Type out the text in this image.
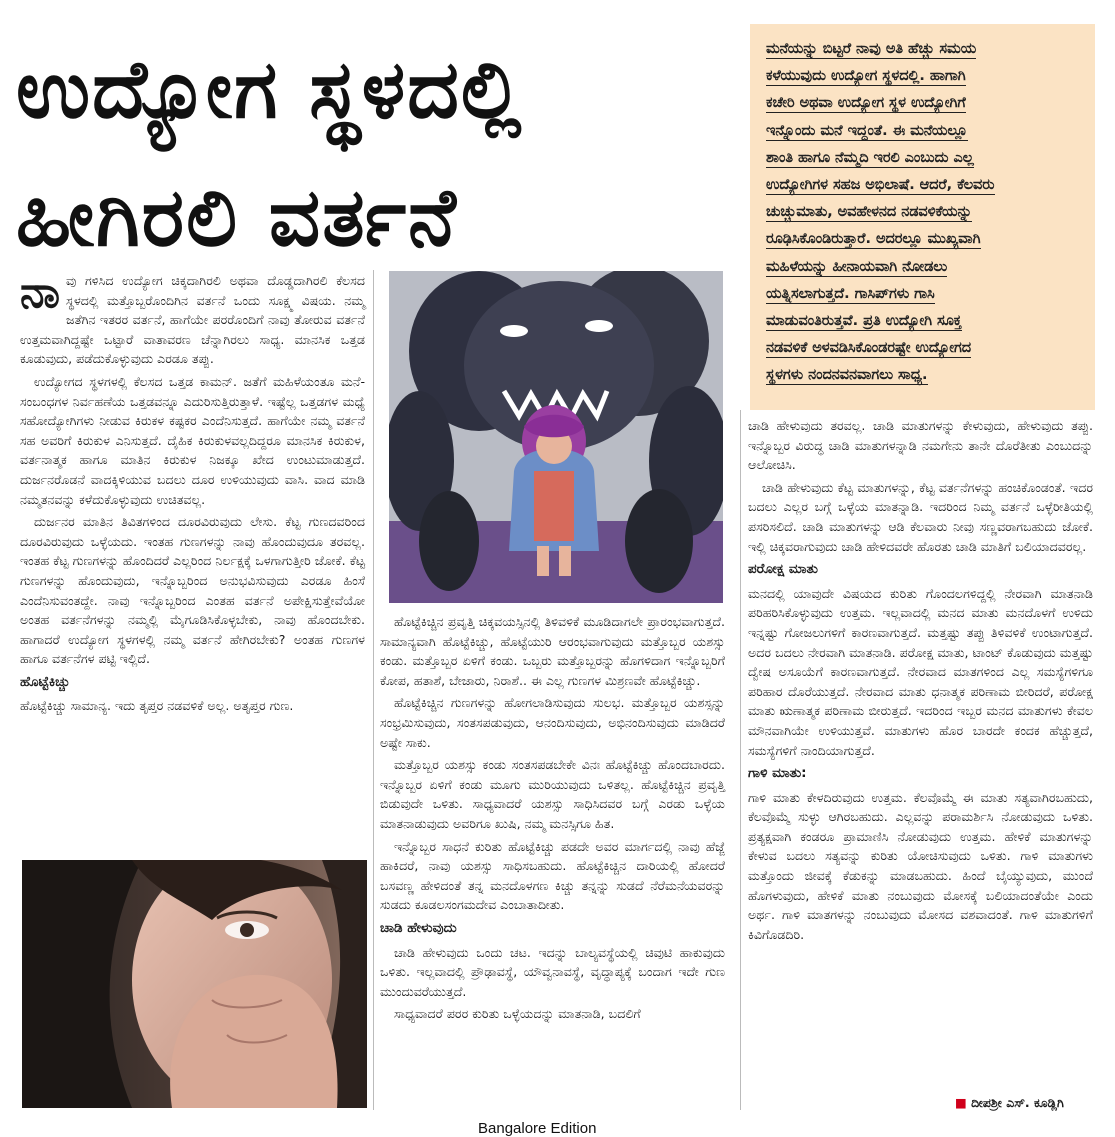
ಉದ್ಯೋಗ ಸ್ಥಳದಲ್ಲಿ
ಹೀಗಿರಲಿ ವರ್ತನೆ
ಮನೆಯನ್ನು ಬಿಟ್ಟರೆ ನಾವು ಅತಿ ಹೆಚ್ಚು ಸಮಯ
ಕಳೆಯುವುದು ಉದ್ಯೋಗ ಸ್ಥಳದಲ್ಲಿ. ಹಾಗಾಗಿ
ಕಚೇರಿ ಅಥವಾ ಉದ್ಯೋಗ ಸ್ಥಳ ಉದ್ಯೋಗಿಗೆ
ಇನ್ನೊಂದು ಮನೆ ಇದ್ದಂತೆ. ಈ ಮನೆಯಲ್ಲೂ
ಶಾಂತಿ ಹಾಗೂ ನೆಮ್ಮದಿ ಇರಲಿ ಎಂಬುದು ಎಲ್ಲ
ಉದ್ಯೋಗಿಗಳ ಸಹಜ ಅಭಿಲಾಷೆ. ಆದರೆ, ಕೆಲವರು
ಚುಚ್ಚುಮಾತು, ಅವಹೇಳನದ ನಡವಳಿಕೆಯನ್ನು
ರೂಢಿಸಿಕೊಂಡಿರುತ್ತಾರೆ. ಅದರಲ್ಲೂ ಮುಖ್ಯವಾಗಿ
ಮಹಿಳೆಯನ್ನು ಹೀನಾಯವಾಗಿ ನೋಡಲು
ಯತ್ನಿಸಲಾಗುತ್ತದೆ. ಗಾಸಿಪ್‌ಗಳು ಗಾಸಿ
ಮಾಡುವಂತಿರುತ್ತವೆ. ಪ್ರತಿ ಉದ್ಯೋಗಿ ಸೂಕ್ತ
ನಡವಳಿಕೆ ಅಳವಡಿಸಿಕೊಂಡರಷ್ಟೇ ಉದ್ಯೋಗದ
ಸ್ಥಳಗಳು ನಂದನವನವಾಗಲು ಸಾಧ್ಯ.

ನಾವು ಗಳಿಸಿದ ಉದ್ಯೋಗ ಚಿಕ್ಕದಾಗಿರಲಿ ಅಥವಾ ದೊಡ್ಡದಾಗಿರಲಿ ಕೆಲಸದ ಸ್ಥಳದಲ್ಲಿ ಮತ್ತೊಬ್ಬರೊಂದಿಗಿನ ವರ್ತನೆ ಒಂದು ಸೂಕ್ಷ್ಮ ವಿಷಯ. ನಮ್ಮ ಜತೆಗಿನ ಇತರರ ವರ್ತನೆ, ಹಾಗೆಯೇ ಪರರೊಂದಿಗೆ ನಾವು ತೋರುವ ವರ್ತನೆ ಉತ್ತಮವಾಗಿದ್ದಷ್ಟೇ ಒಟ್ಟಾರೆ ವಾತಾವರಣ ಚೆನ್ನಾಗಿರಲು ಸಾಧ್ಯ. ಮಾನಸಿಕ ಒತ್ತಡ ಕೂಡುವುದು, ಪಡೆದುಕೊಳ್ಳುವುದು ಎರಡೂ ತಪ್ಪು.

ಉದ್ಯೋಗದ ಸ್ಥಳಗಳಲ್ಲಿ ಕೆಲಸದ ಒತ್ತಡ ಕಾಮನ್. ಜತೆಗೆ ಮಹಿಳೆಯಂತೂ ಮನೆ- ಸಂಬಂಧಗಳ ನಿರ್ವಹಣೆಯ ಒತ್ತಡವನ್ನೂ ಎದುರಿಸುತ್ತಿರುತ್ತಾಳೆ. ಇಷ್ಟೆಲ್ಲ ಒತ್ತಡಗಳ ಮಧ್ಯೆ ಸಹೋದ್ಯೋಗಿಗಳು ನೀಡುವ ಕಿರುಕಳ ಕಷ್ಟಕರ ಎಂದೆನಿಸುತ್ತದೆ. ಹಾಗೆಯೇ ನಮ್ಮ ವರ್ತನೆ ಸಹ ಅವರಿಗೆ ಕಿರುಕುಳ ಎನಿಸುತ್ತದೆ. ದೈಹಿಕ ಕಿರುಕುಳವಲ್ಲದಿದ್ದರೂ ಮಾನಸಿಕ ಕಿರುಕುಳ, ವರ್ತನಾತ್ಮಕ ಹಾಗೂ ಮಾತಿನ ಕಿರುಕುಳ ನಿಜಕ್ಕೂ ಖೇದ ಉಂಟುಮಾಡುತ್ತದೆ. ದುರ್ಜನರೊಡನೆ ವಾದಕ್ಕಿಳಿಯುವ ಬದಲು ದೂರ ಉಳಿಯುವುದು ವಾಸಿ. ವಾದ ಮಾಡಿ ನಮ್ಮತನವನ್ನು ಕಳೆದುಕೊಳ್ಳುವುದು ಉಚಿತವಲ್ಲ.

ದುರ್ಜನರ ಮಾತಿನ ತಿವಿತಗಳಿಂದ ದೂರವಿರುವುದು ಲೇಸು. ಕೆಟ್ಟ ಗುಣದವರಿಂದ ದೂರವಿರುವುದು ಒಳ್ಳೆಯದು. ಇಂತಹ ಗುಣಗಳನ್ನು ನಾವು ಹೊಂದುವುದೂ ತರವಲ್ಲ. ಇಂತಹ ಕೆಟ್ಟ ಗುಣಗಳನ್ನು ಹೊಂದಿದರೆ ಎಲ್ಲರಿಂದ ನಿರ್ಲಕ್ಷಕ್ಕೆ ಒಳಗಾಗುತ್ತೀರಿ ಜೋಕೆ. ಕೆಟ್ಟ ಗುಣಗಳನ್ನು ಹೊಂದುವುದು, ಇನ್ನೊಬ್ಬರಿಂದ ಅನುಭವಿಸುವುದು ಎರಡೂ ಹಿಂಸೆ ಎಂದೆನಿಸುವಂತದ್ದೇ. ನಾವು ಇನ್ನೊಬ್ಬರಿಂದ ಎಂತಹ ವರ್ತನೆ ಅಪೇಕ್ಷಿಸುತ್ತೇವೆಯೋ ಅಂತಹ ವರ್ತನೆಗಳನ್ನು ನಮ್ಮಲ್ಲಿ ಮೈಗೂಡಿಸಿಕೊಳ್ಳಬೇಕು, ನಾವು ಹೊಂದಬೇಕು. ಹಾಗಾದರೆ ಉದ್ಯೋಗ ಸ್ಥಳಗಳಲ್ಲಿ ನಮ್ಮ ವರ್ತನೆ ಹೇಗಿರಬೇಕು? ಅಂತಹ ಗುಣಗಳ ಹಾಗೂ ವರ್ತನೆಗಳ ಪಟ್ಟಿ ಇಲ್ಲಿದೆ.

ಹೊಟ್ಟೆಕಿಚ್ಚು

ಹೊಟ್ಟೆಕಿಚ್ಚು ಸಾಮಾನ್ಯ. ಇದು ತೃಪ್ತರ ನಡವಳಿಕೆ ಅಲ್ಲ. ಅತೃಪ್ತರ ಗುಣ.

ಹೊಟ್ಟೆಕಿಚ್ಚಿನ ಪ್ರವೃತ್ತಿ ಚಿಕ್ಕವಯಸ್ಸಿನಲ್ಲಿ ತಿಳಿವಳಿಕೆ ಮೂಡಿದಾಗಲೇ ಪ್ರಾರಂಭವಾಗುತ್ತದೆ. ಸಾಮಾನ್ಯವಾಗಿ ಹೊಟ್ಟೆಕಿಚ್ಚು, ಹೊಟ್ಟೆಯುರಿ ಆರಂಭವಾಗುವುದು ಮತ್ತೊಬ್ಬರ ಯಶಸ್ಸು ಕಂಡು. ಮತ್ತೊಬ್ಬರ ಏಳಿಗೆ ಕಂಡು. ಒಬ್ಬರು ಮತ್ತೊಬ್ಬರನ್ನು ಹೊಗಳಿದಾಗ ಇನ್ನೊಬ್ಬರಿಗೆ ಕೋಪ, ಹತಾಶೆ, ಬೇಜಾರು, ನಿರಾಶೆ.. ಈ ಎಲ್ಲ ಗುಣಗಳ ಮಿಶ್ರಣವೇ ಹೊಟ್ಟೆಕಿಚ್ಚು.

ಹೊಟ್ಟೆಕಿಚ್ಚಿನ ಗುಣಗಳನ್ನು ಹೋಗಲಾಡಿಸುವುದು ಸುಲಭ. ಮತ್ತೊಬ್ಬರ ಯಶಸ್ಸನ್ನು ಸಂಭ್ರಮಿಸುವುದು, ಸಂತಸಪಡುವುದು, ಆನಂದಿಸುವುದು, ಅಭಿನಂದಿಸುವುದು ಮಾಡಿದರೆ ಅಷ್ಟೇ ಸಾಕು.

ಮತ್ತೊಬ್ಬರ ಯಶಸ್ಸು ಕಂಡು ಸಂತಸಪಡಬೇಕೇ ವಿನಃ ಹೊಟ್ಟೆಕಿಚ್ಚು ಹೊಂದಬಾರದು. ಇನ್ನೊಬ್ಬರ ಏಳಿಗೆ ಕಂಡು ಮೂಗು ಮುರಿಯುವುದು ಒಳಿತಲ್ಲ. ಹೊಟ್ಟೆಕಿಚ್ಚಿನ ಪ್ರವೃತ್ತಿ ಬಿಡುವುದೇ ಒಳಿತು. ಸಾಧ್ಯವಾದರೆ ಯಶಸ್ಸು ಸಾಧಿಸಿದವರ ಬಗ್ಗೆ ಎರಡು ಒಳ್ಳೆಯ ಮಾತನಾಡುವುದು ಅವರಿಗೂ ಖುಷಿ, ನಮ್ಮ ಮನಸ್ಸಿಗೂ ಹಿತ.

ಇನ್ನೊಬ್ಬರ ಸಾಧನೆ ಕುರಿತು ಹೊಟ್ಟೆಕಿಚ್ಚು ಪಡದೇ ಅವರ ಮಾರ್ಗದಲ್ಲಿ ನಾವು ಹೆಜ್ಜೆ ಹಾಕಿದರೆ, ನಾವು ಯಶಸ್ಸು ಸಾಧಿಸಬಹುದು. ಹೊಟ್ಟೆಕಿಚ್ಚಿನ ದಾರಿಯಲ್ಲಿ ಹೋದರೆ ಬಸವಣ್ಣ ಹೇಳಿದಂತೆ ತನ್ನ ಮನದೊಳಗಣ ಕಿಚ್ಚು ತನ್ನನ್ನು ಸುಡದೆ ನೆರೆಮನೆಯವರನ್ನು ಸುಡದು ಕೂಡಲಸಂಗಮದೇವ ಎಂಬಾತಾದೀತು.

ಚಾಡಿ ಹೇಳುವುದು

ಚಾಡಿ ಹೇಳುವುದು ಒಂದು ಚಟ. ಇದನ್ನು ಬಾಲ್ಯವಸ್ಥೆಯಲ್ಲಿ ಚಿವುಟಿ ಹಾಕುವುದು ಒಳಿತು. ಇಲ್ಲವಾದಲ್ಲಿ ಪ್ರೌಢಾವಸ್ಥೆ, ಯೌವ್ವನಾವಸ್ಥೆ, ವೃದ್ಧಾಪ್ಯಕ್ಕೆ ಬಂದಾಗ ಇದೇ ಗುಣ ಮುಂದುವರೆಯುತ್ತದೆ.

ಸಾಧ್ಯವಾದರೆ ಪರರ ಕುರಿತು ಒಳ್ಳೆಯದನ್ನು ಮಾತನಾಡಿ, ಬದಲಿಗೆ

ಚಾಡಿ ಹೇಳುವುದು ತರವಲ್ಲ. ಚಾಡಿ ಮಾತುಗಳನ್ನು ಕೇಳುವುದು, ಹೇಳುವುದು ತಪ್ಪು. ಇನ್ನೊಬ್ಬರ ವಿರುದ್ಧ ಚಾಡಿ ಮಾತುಗಳನ್ನಾಡಿ ನಮಗೇನು ತಾನೇ ದೊರೆತೀತು ಎಂಬುದನ್ನು ಆಲೋಚಿಸಿ.

ಚಾಡಿ ಹೇಳುವುದು ಕೆಟ್ಟ ಮಾತುಗಳನ್ನು, ಕೆಟ್ಟ ವರ್ತನೆಗಳನ್ನು ಹಂಚಿಕೊಂಡಂತೆ. ಇದರ ಬದಲು ಎಲ್ಲರ ಬಗ್ಗೆ ಒಳ್ಳೆಯ ಮಾತನ್ನಾಡಿ. ಇದರಿಂದ ನಿಮ್ಮ ವರ್ತನೆ ಒಳ್ಳೆರೀತಿಯಲ್ಲಿ ಪಸರಿಸಲಿದೆ. ಚಾಡಿ ಮಾತುಗಳನ್ನು ಆಡಿ ಕೆಲವಾರು ನೀವು ಸಣ್ಣವರಾಗಬಹುದು ಜೋಕೆ. ಇಲ್ಲಿ ಚಿಕ್ಕವರಾಗುವುದು ಚಾಡಿ ಹೇಳಿದವರೇ ಹೊರತು ಚಾಡಿ ಮಾತಿಗೆ ಬಲಿಯಾದವರಲ್ಲ.

ಪರೋಕ್ಷ ಮಾತು

ಮನದಲ್ಲಿ ಯಾವುದೇ ವಿಷಯದ ಕುರಿತು ಗೊಂದಲಗಳಿದ್ದಲ್ಲಿ ನೇರವಾಗಿ ಮಾತನಾಡಿ ಪರಿಹರಿಸಿಕೊಳ್ಳುವುದು ಉತ್ತಮ. ಇಲ್ಲವಾದಲ್ಲಿ ಮನದ ಮಾತು ಮನದೊಳಗೆ ಉಳಿದು ಇನ್ನಷ್ಟು ಗೋಜಲುಗಳಿಗೆ ಕಾರಣವಾಗುತ್ತದೆ. ಮತ್ತಷ್ಟು ತಪ್ಪು ತಿಳಿವಳಿಕೆ ಉಂಟಾಗುತ್ತದೆ. ಅದರ ಬದಲು ನೇರವಾಗಿ ಮಾತನಾಡಿ. ಪರೋಕ್ಷ ಮಾತು, ಟಾಂಟ್ ಕೊಡುವುದು ಮತ್ತಷ್ಟು ದ್ವೇಷ ಅಸೂಯೆಗೆ ಕಾರಣವಾಗುತ್ತದೆ. ನೇರವಾದ ಮಾತಗಳಿಂದ ಎಲ್ಲ ಸಮಸ್ಯೆಗಳಿಗೂ ಪರಿಹಾರ ದೊರೆಯುತ್ತದೆ. ನೇರವಾದ ಮಾತು ಧನಾತ್ಮಕ ಪರಿಣಾಮ ಬೀರಿದರೆ, ಪರೋಕ್ಷ ಮಾತು ಋಣಾತ್ಮಕ ಪರಿಣಾಮ ಬೀರುತ್ತದೆ. ಇದರಿಂದ ಇಬ್ಬರ ಮನದ ಮಾತುಗಳು ಕೇವಲ ಮೌನವಾಗಿಯೇ ಉಳಿಯುತ್ತವೆ. ಮಾತುಗಳು ಹೊರ ಬಾರದೇ ಕಂದಕ ಹೆಚ್ಚುತ್ತದೆ, ಸಮಸ್ಯೆಗಳಿಗೆ ನಾಂದಿಯಾಗುತ್ತದೆ.

ಗಾಳಿ ಮಾತು:

ಗಾಳಿ ಮಾತು ಕೇಳದಿರುವುದು ಉತ್ತಮ. ಕೆಲವೊಮ್ಮೆ ಈ ಮಾತು ಸತ್ಯವಾಗಿರಬಹುದು, ಕೆಲವೊಮ್ಮೆ ಸುಳ್ಳು ಆಗಿರಬಹುದು. ಎಲ್ಲವನ್ನು ಪರಾಮರ್ಶಿಸಿ ನೋಡುವುದು ಒಳಿತು. ಪ್ರತ್ಯಕ್ಷವಾಗಿ ಕಂಡರೂ ಪ್ರಾಮಾಣಿಸಿ ನೋಡುವುದು ಉತ್ತಮ. ಹೇಳಿಕೆ ಮಾತುಗಳನ್ನು ಕೇಳುವ ಬದಲು ಸತ್ಯವನ್ನು ಕುರಿತು ಯೋಚಿಸುವುದು ಒಳಿತು. ಗಾಳಿ ಮಾತುಗಳು ಮತ್ತೊಂದು ಜೀವಕ್ಕೆ ಕೆಡುಕನ್ನು ಮಾಡಬಹುದು. ಹಿಂದೆ ಬೈಯ್ಯುವುದು, ಮುಂದೆ ಹೊಗಳುವುದು, ಹೇಳಿಕೆ ಮಾತು ನಂಬುವುದು ಮೋಸಕ್ಕೆ ಬಲಿಯಾದಂತೆಯೇ ಎಂದು ಅರ್ಥ. ಗಾಳಿ ಮಾತಗಳನ್ನು ನಂಬುವುದು ಮೋಸದ ವಶವಾದಂತೆ. ಗಾಳಿ ಮಾತುಗಳಿಗೆ ಕಿವಿಗೊಡದಿರಿ.

■ ದೀಪಶ್ರೀ ಎಸ್. ಕೂಡ್ಲಿಗಿ
Bangalore Edition
